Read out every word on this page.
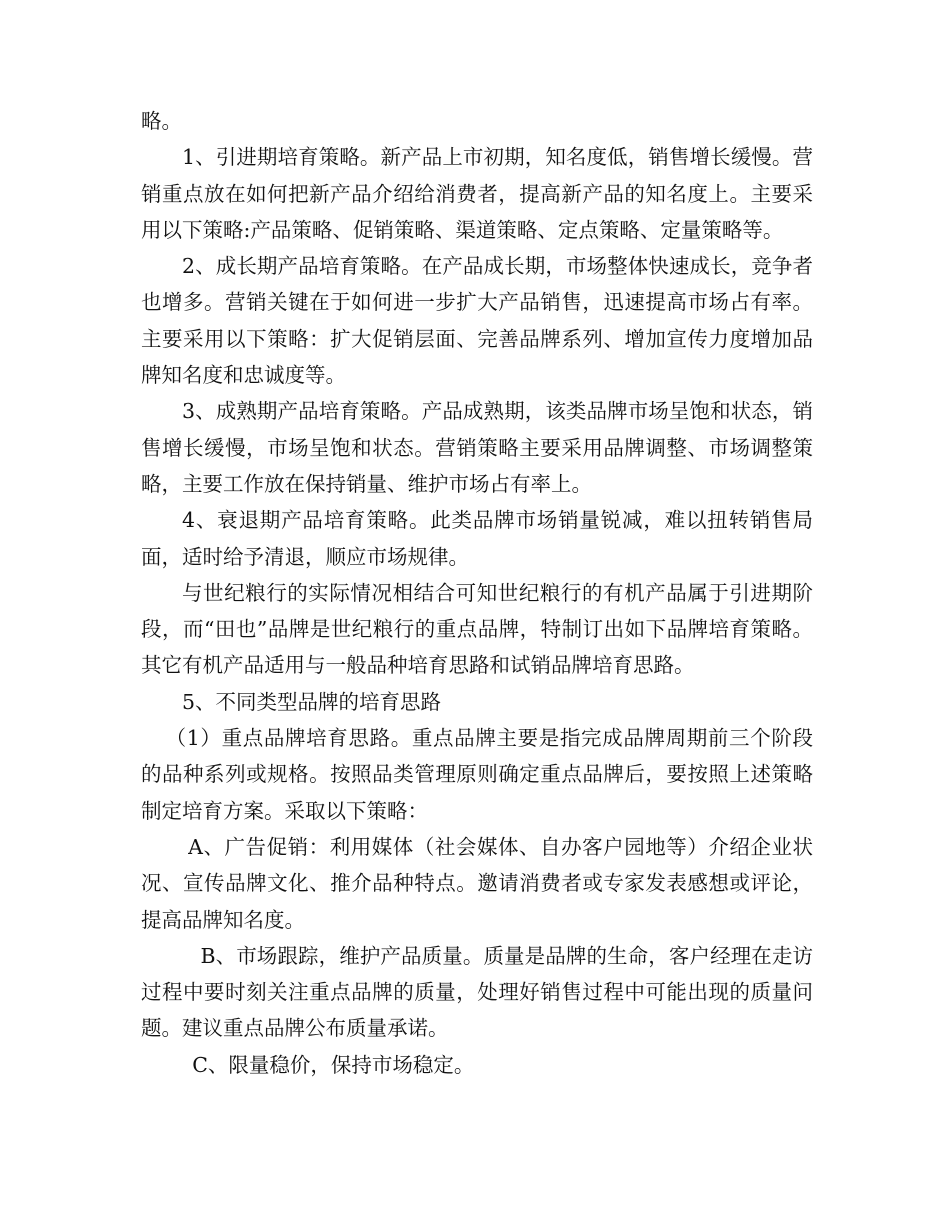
略。

1、引进期培育策略。新产品上市初期，知名度低，销售增长缓慢。营销重点放在如何把新产品介绍给消费者，提高新产品的知名度上。主要采用以下策略:产品策略、促销策略、渠道策略、定点策略、定量策略等。

2、成长期产品培育策略。在产品成长期，市场整体快速成长，竞争者也增多。营销关键在于如何进一步扩大产品销售，迅速提高市场占有率。主要采用以下策略：扩大促销层面、完善品牌系列、增加宣传力度增加品牌知名度和忠诚度等。

3、成熟期产品培育策略。产品成熟期，该类品牌市场呈饱和状态，销售增长缓慢，市场呈饱和状态。营销策略主要采用品牌调整、市场调整策略，主要工作放在保持销量、维护市场占有率上。

4、衰退期产品培育策略。此类品牌市场销量锐减，难以扭转销售局面，适时给予清退，顺应市场规律。

与世纪粮行的实际情况相结合可知世纪粮行的有机产品属于引进期阶段，而“田也”品牌是世纪粮行的重点品牌，特制订出如下品牌培育策略。其它有机产品适用与一般品种培育思路和试销品牌培育思路。

5、不同类型品牌的培育思路

（1）重点品牌培育思路。重点品牌主要是指完成品牌周期前三个阶段的品种系列或规格。按照品类管理原则确定重点品牌后，要按照上述策略制定培育方案。采取以下策略：

A、广告促销：利用媒体（社会媒体、自办客户园地等）介绍企业状况、宣传品牌文化、推介品种特点。邀请消费者或专家发表感想或评论，提高品牌知名度。

B、市场跟踪，维护产品质量。质量是品牌的生命，客户经理在走访过程中要时刻关注重点品牌的质量，处理好销售过程中可能出现的质量问题。建议重点品牌公布质量承诺。

C、限量稳价，保持市场稳定。
